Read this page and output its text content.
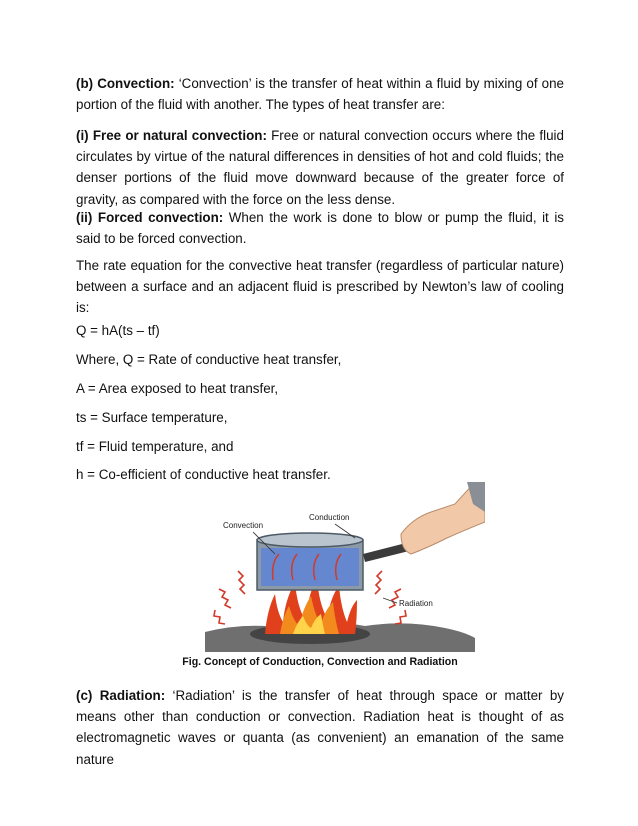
(b) Convection: ‘Convection’ is the transfer of heat within a fluid by mixing of one portion of the fluid with another. The types of heat transfer are:

(i) Free or natural convection: Free or natural convection occurs where the fluid circulates by virtue of the natural differences in densities of hot and cold fluids; the denser portions of the fluid move downward because of the greater force of gravity, as compared with the force on the less dense.

(ii) Forced convection: When the work is done to blow or pump the fluid, it is said to be forced convection.

The rate equation for the convective heat transfer (regardless of particular nature) between a surface and an adjacent fluid is prescribed by Newton’s law of cooling is:

Q = hA(ts – tf)

Where, Q = Rate of conductive heat transfer,

A = Area exposed to heat transfer,

ts = Surface temperature,

tf = Fluid temperature, and

h = Co-efficient of conductive heat transfer.

Convection
Conduction
Radiation
Fig. Concept of Conduction, Convection and Radiation

(c) Radiation: ‘Radiation’ is the transfer of heat through space or matter by means other than conduction or convection. Radiation heat is thought of as electromagnetic waves or quanta (as convenient) an emanation of the same nature
